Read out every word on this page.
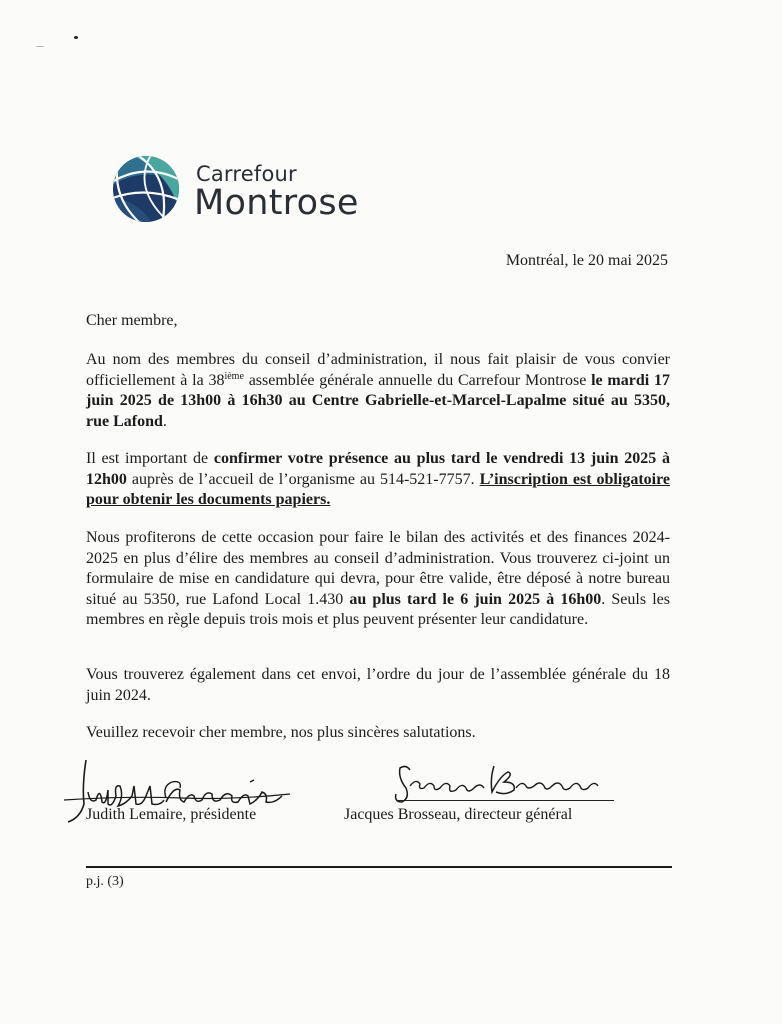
Carrefour
Montrose
Montréal, le 20 mai 2025
Cher membre,
Au nom des membres du conseil d’administration, il nous fait plaisir de vous convier officiellement à la 38ième assemblée générale annuelle du Carrefour Montrose le mardi 17 juin 2025 de 13h00 à 16h30 au Centre Gabrielle-et-Marcel-Lapalme situé au 5350, rue Lafond.
Il est important de confirmer votre présence au plus tard le vendredi 13 juin 2025 à 12h00 auprès de l’accueil de l’organisme au 514-521-7757. L’inscription est obligatoire pour obtenir les documents papiers.
Nous profiterons de cette occasion pour faire le bilan des activités et des finances 2024-2025 en plus d’élire des membres au conseil d’administration. Vous trouverez ci-joint un formulaire de mise en candidature qui devra, pour être valide, être déposé à notre bureau situé au 5350, rue Lafond Local 1.430 au plus tard le 6 juin 2025 à 16h00. Seuls les membres en règle depuis trois mois et plus peuvent présenter leur candidature.
Vous trouverez également dans cet envoi, l’ordre du jour de l’assemblée générale du 18 juin 2024.
Veuillez recevoir cher membre, nos plus sincères salutations.
Judith Lemaire, présidente	Jacques Brosseau, directeur général
p.j. (3)
